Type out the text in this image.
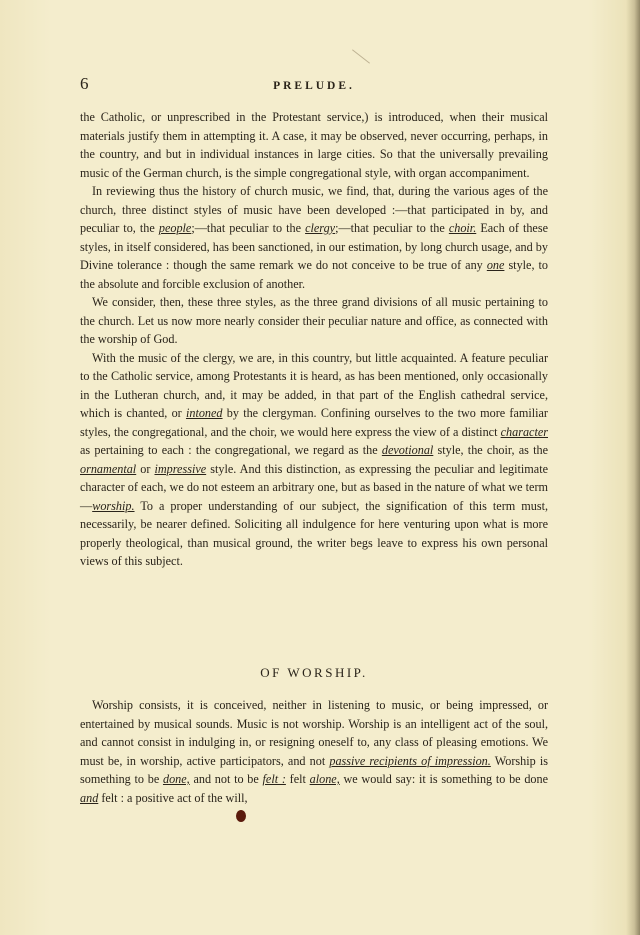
6	PRELUDE.

the Catholic, or unprescribed in the Protestant service,) is introduced, when their musical materials justify them in attempting it. A case, it may be observed, never occurring, perhaps, in the country, and but in individual instances in large cities. So that the universally prevailing music of the German church, is the simple congregational style, with organ accompaniment.

In reviewing thus the history of church music, we find, that, during the various ages of the church, three distinct styles of music have been developed :—that participated in by, and peculiar to, the people;—that peculiar to the clergy;—that peculiar to the choir. Each of these styles, in itself considered, has been sanctioned, in our estimation, by long church usage, and by Divine tolerance : though the same remark we do not conceive to be true of any one style, to the absolute and forcible exclusion of another.

We consider, then, these three styles, as the three grand divisions of all music pertaining to the church. Let us now more nearly consider their peculiar nature and office, as connected with the worship of God.

With the music of the clergy, we are, in this country, but little acquainted. A feature peculiar to the Catholic service, among Protestants it is heard, as has been mentioned, only occasionally in the Lutheran church, and, it may be added, in that part of the English cathedral service, which is chanted, or intoned by the clergyman. Confining ourselves to the two more familiar styles, the congregational, and the choir, we would here express the view of a distinct character as pertaining to each : the congregational, we regard as the devotional style, the choir, as the ornamental or impressive style. And this distinction, as expressing the peculiar and legitimate character of each, we do not esteem an arbitrary one, but as based in the nature of what we term—worship. To a proper understanding of our subject, the signification of this term must, necessarily, be nearer defined. Soliciting all indulgence for here venturing upon what is more properly theological, than musical ground, the writer begs leave to express his own personal views of this subject.

OF WORSHIP.

Worship consists, it is conceived, neither in listening to music, or being impressed, or entertained by musical sounds. Music is not worship. Worship is an intelligent act of the soul, and cannot consist in indulging in, or resigning oneself to, any class of pleasing emotions. We must be, in worship, active participators, and not passive recipients of impression. Worship is something to be done, and not to be felt : felt alone, we would say: it is something to be done and felt : a positive act of the will,
